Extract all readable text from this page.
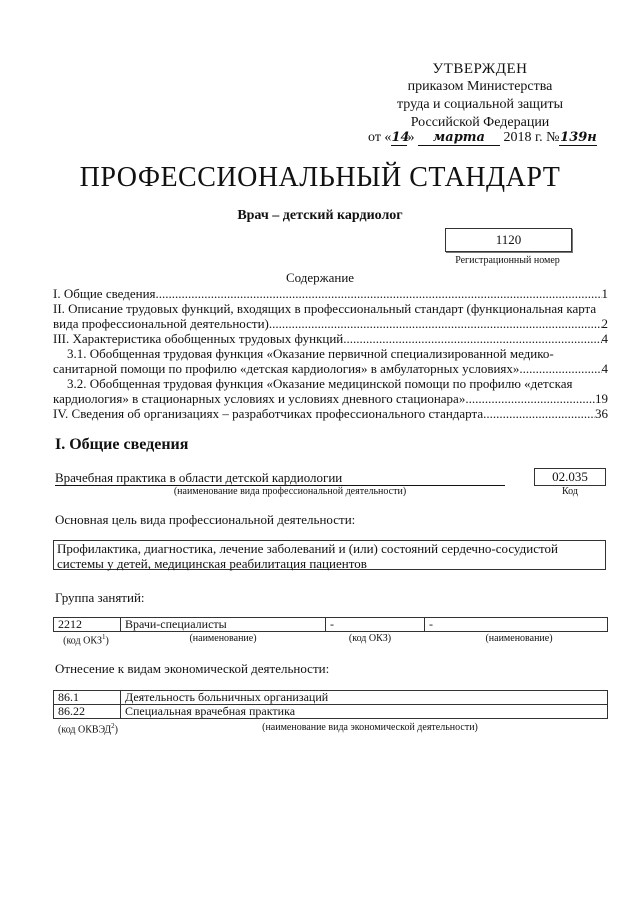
УТВЕРЖДЕН
приказом Министерства
труда и социальной защиты
Российской Федерации
от «14» марта 2018 г. №139н
ПРОФЕССИОНАЛЬНЫЙ СТАНДАРТ
Врач – детский кардиолог
1120
Регистрационный номер
Содержание
I. Общие сведения .....	1
II. Описание трудовых функций, входящих в профессиональный стандарт (функциональная карта
вида профессиональной деятельности) .....	2
III. Характеристика обобщенных трудовых функций .....	4
3.1. Обобщенная трудовая функция «Оказание первичной специализированной медико-
санитарной помощи по профилю «детская кардиология» в амбулаторных условиях» .....	4
3.2. Обобщенная трудовая функция «Оказание медицинской помощи по профилю «детская
кардиология» в стационарных условиях и условиях дневного стационара» .....	19
IV. Сведения об организациях – разработчиках профессионального стандарта .....	36
I. Общие сведения
Врачебная практика в области детской кардиологии
(наименование вида профессиональной деятельности)
02.035
Код
Основная цель вида профессиональной деятельности:
Профилактика, диагностика, лечение заболеваний и (или) состояний сердечно-сосудистой
системы у детей, медицинская реабилитация пациентов
Группа занятий:
2212	Врачи-специалисты	-	-
(код ОКЗ$^1$)	(наименование)	(код ОКЗ)	(наименование)
Отнесение к видам экономической деятельности:
86.1	Деятельность больничных организаций
86.22	Специальная врачебная практика
(код ОКВЭД$^2$)	(наименование вида экономической деятельности)
